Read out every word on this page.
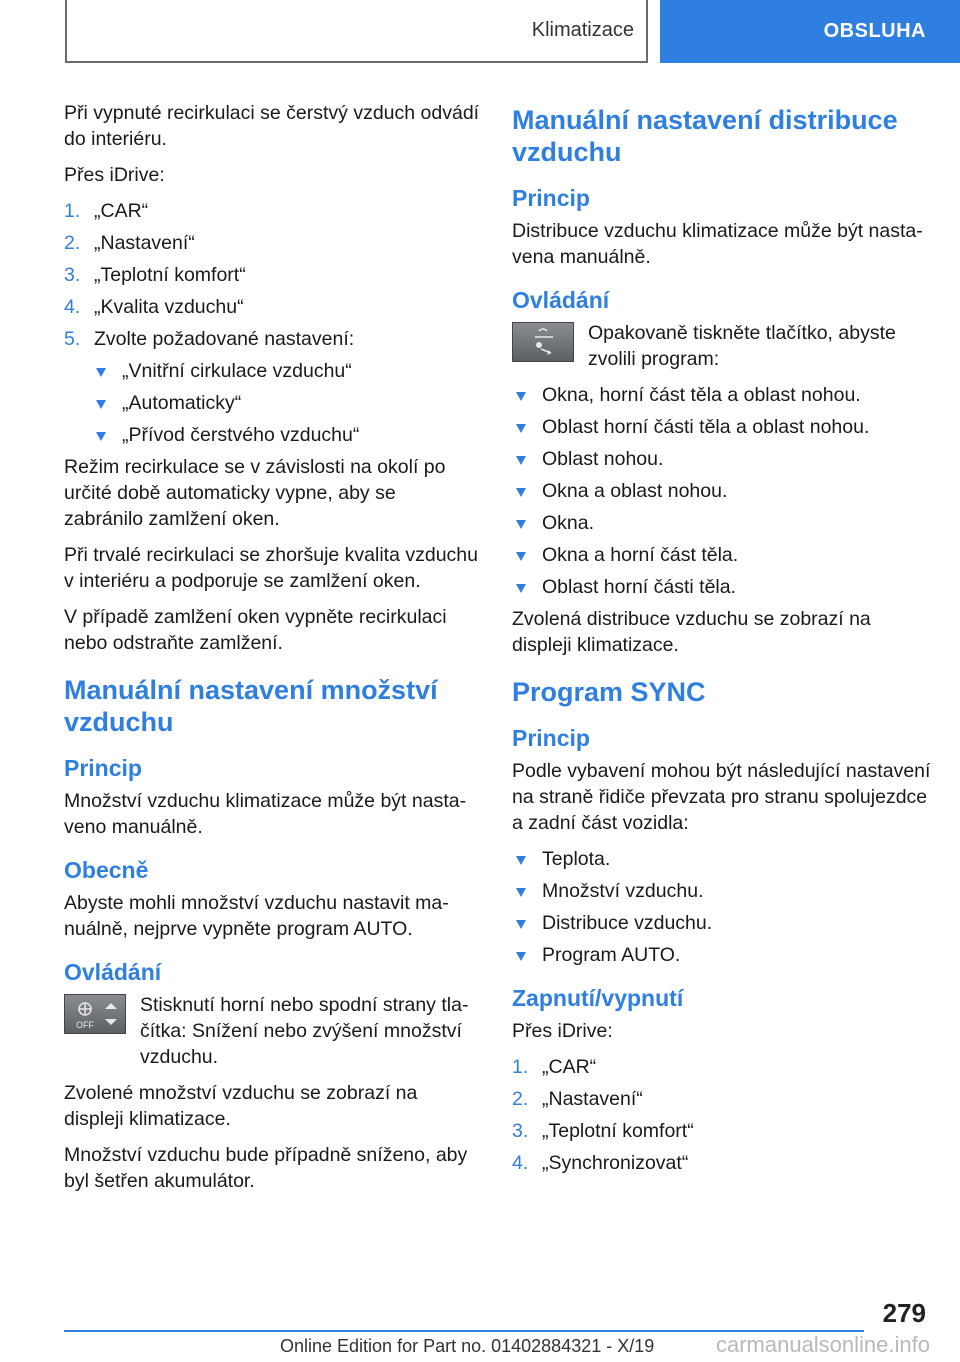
Klimatizace	OBSLUHA

Při vypnuté recirkulaci se čerstvý vzduch odvádí do interiéru.

Přes iDrive:

1. „CAR“
2. „Nastavení“
3. „Teplotní komfort“
4. „Kvalita vzduchu“
5. Zvolte požadované nastavení:
„Vnitřní cirkulace vzduchu“
„Automaticky“
„Přívod čerstvého vzduchu“

Režim recirkulace se v závislosti na okolí po určité době automaticky vypne, aby se zabránilo zamlžení oken.

Při trvalé recirkulaci se zhoršuje kvalita vzduchu v interiéru a podporuje se zamlžení oken.

V případě zamlžení oken vypněte recirkulaci nebo odstraňte zamlžení.

Manuální nastavení množství vzduchu
Princip

Množství vzduchu klimatizace může být nastaveno manuálně.

Obecně

Abyste mohli množství vzduchu nastavit manuálně, nejprve vypněte program AUTO.

Ovládání
OFF

Stisknutí horní nebo spodní strany tlačítka: Snížení nebo zvýšení množství vzduchu.

Zvolené množství vzduchu se zobrazí na displeji klimatizace.

Množství vzduchu bude případně sníženo, aby byl šetřen akumulátor.

Manuální nastavení distribuce vzduchu
Princip

Distribuce vzduchu klimatizace může být nastavena manuálně.

Ovládání

Opakovaně tiskněte tlačítko, abyste zvolili program:

Okna, horní část těla a oblast nohou.
Oblast horní části těla a oblast nohou.
Oblast nohou.
Okna a oblast nohou.
Okna.
Okna a horní část těla.
Oblast horní části těla.

Zvolená distribuce vzduchu se zobrazí na displeji klimatizace.

Program SYNC
Princip

Podle vybavení mohou být následující nastavení na straně řidiče převzata pro stranu spolujezdce a zadní část vozidla:

Teplota.
Množství vzduchu.
Distribuce vzduchu.
Program AUTO.
Zapnutí/vypnutí

Přes iDrive:

1. „CAR“
2. „Nastavení“
3. „Teplotní komfort“
4. „Synchronizovat“
279
Online Edition for Part no. 01402884321 - X/19	carmanualsonline.info
